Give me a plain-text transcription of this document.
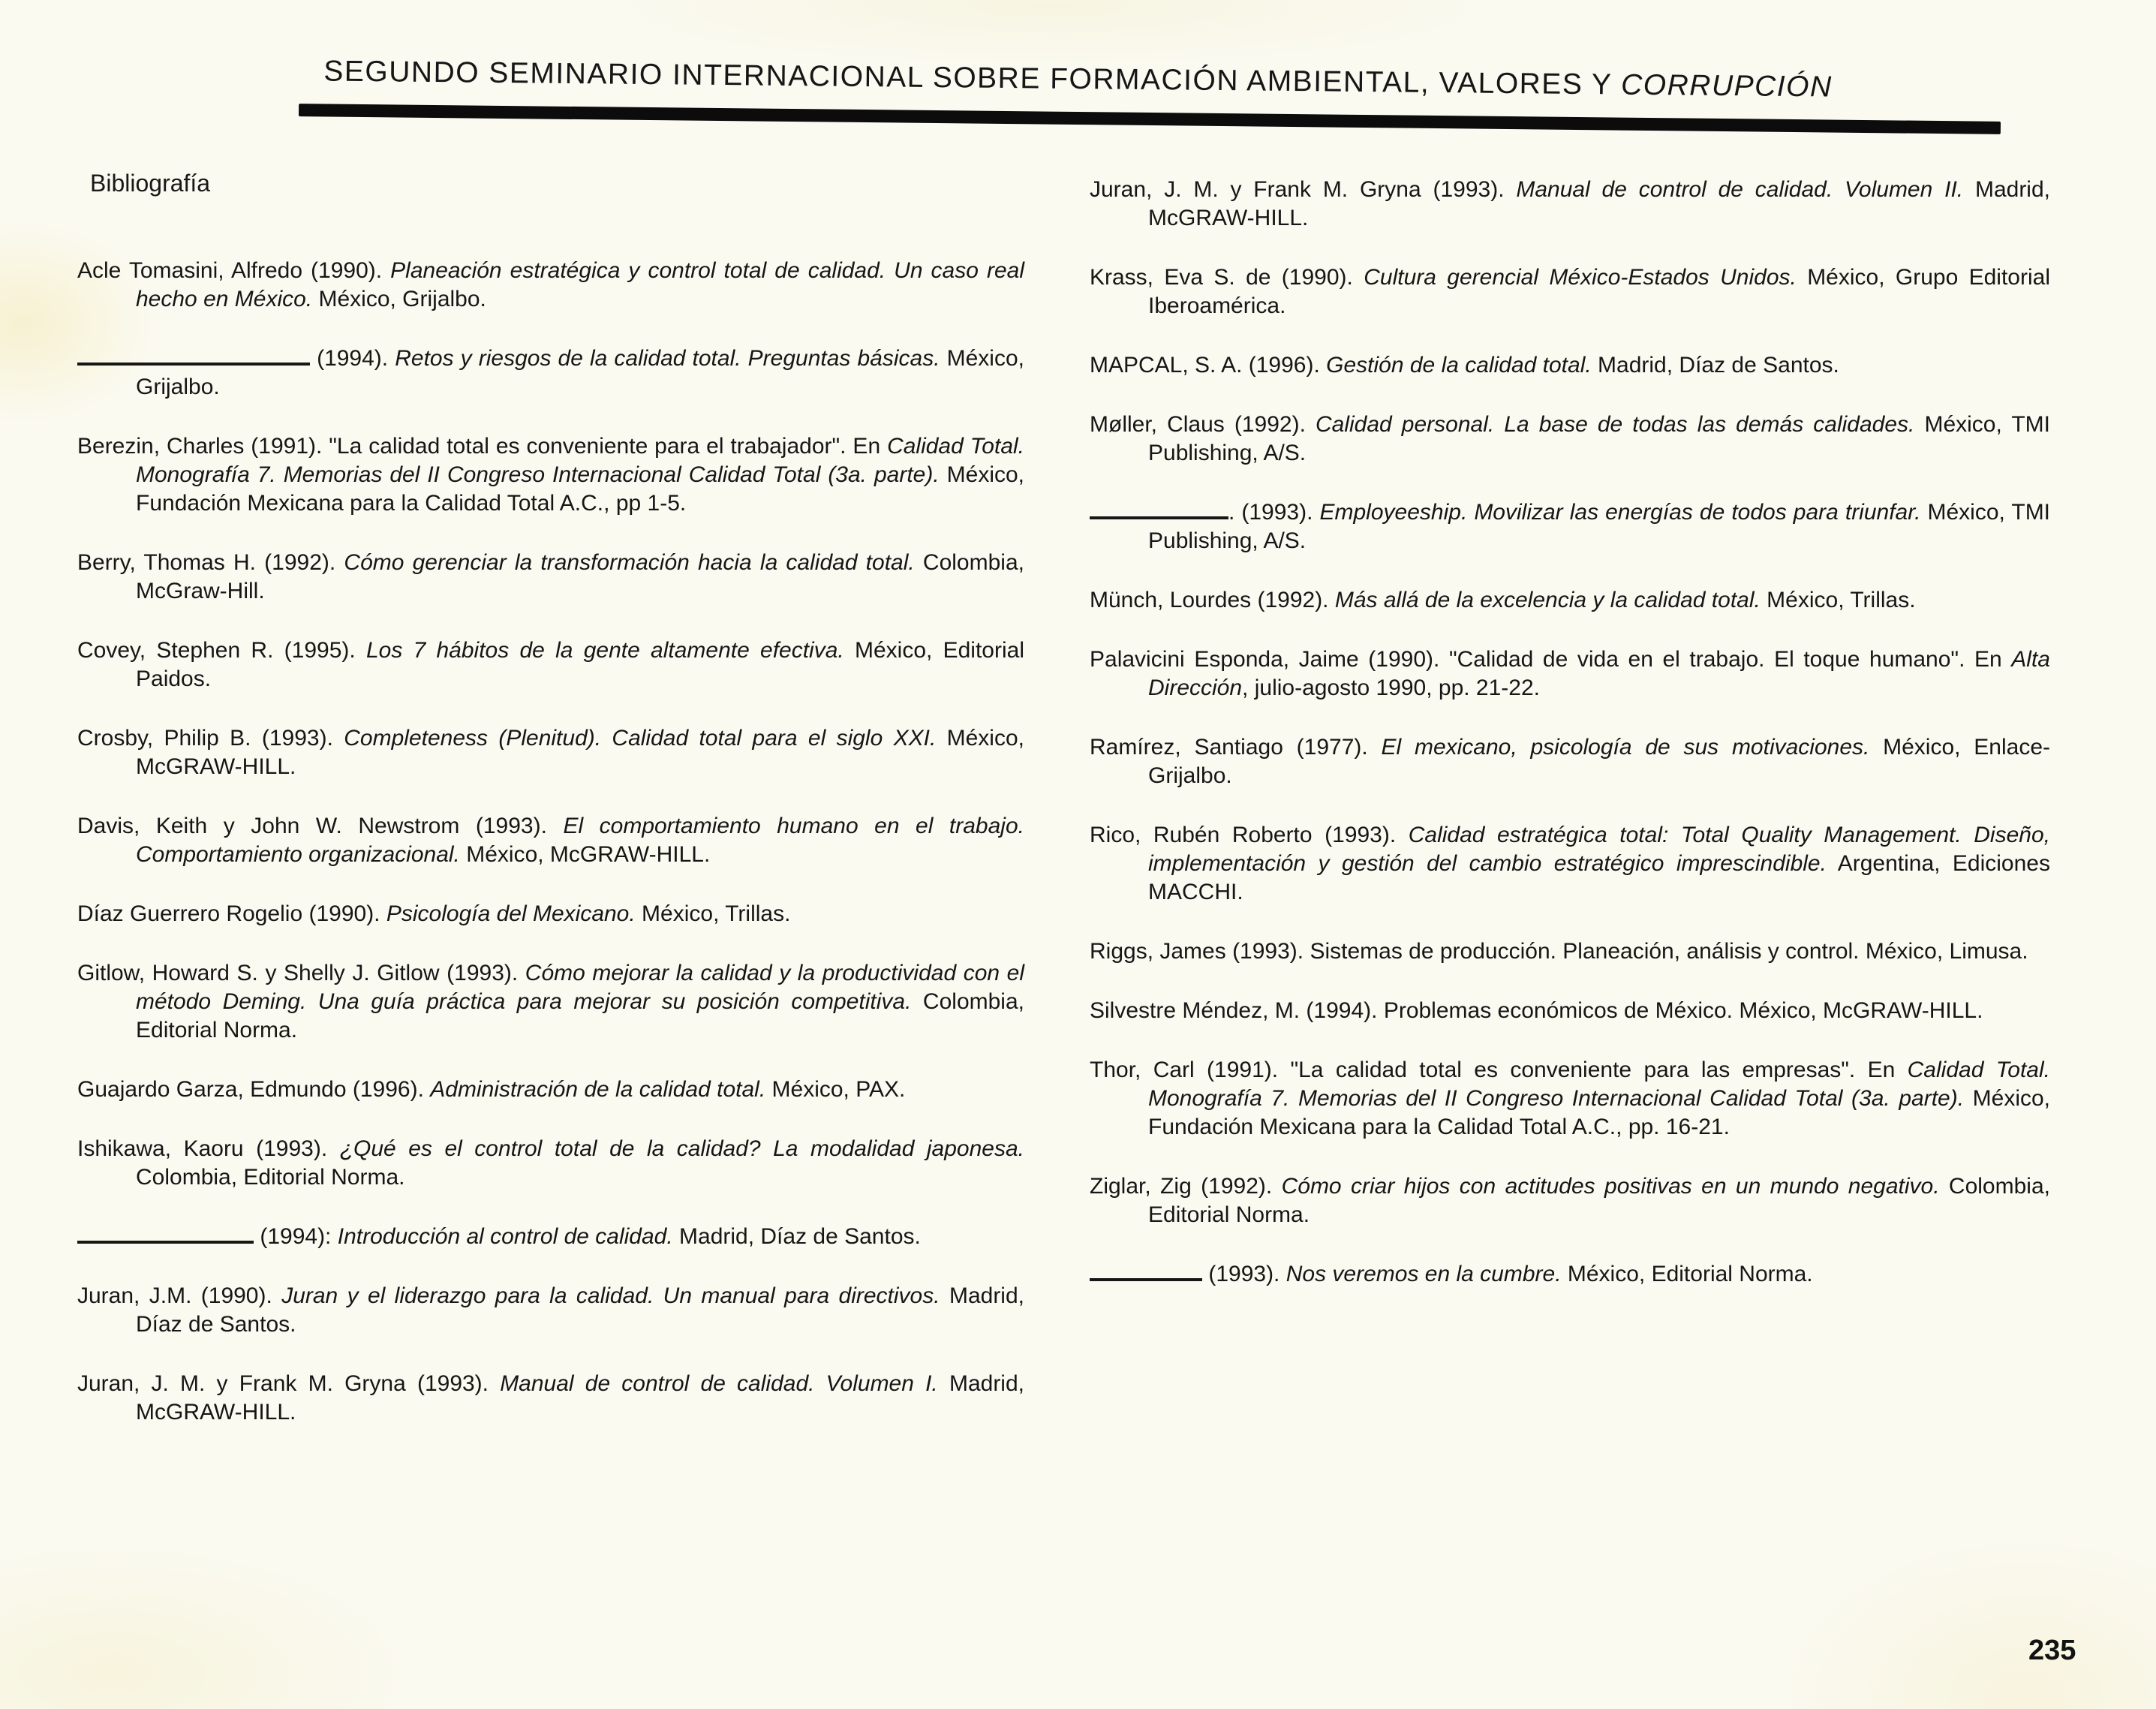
SEGUNDO SEMINARIO INTERNACIONAL SOBRE FORMACIÓN AMBIENTAL, VALORES Y CORRUPCIÓN
Bibliografía

Acle Tomasini, Alfredo (1990). Planeación estratégica y control total de calidad. Un caso real hecho en México. México, Grijalbo.

(1994). Retos y riesgos de la calidad total. Preguntas básicas. México, Grijalbo.

Berezin, Charles (1991). "La calidad total es conveniente para el trabajador". En Calidad Total. Monografía 7. Memorias del II Congreso Internacional Calidad Total (3a. parte). México, Fundación Mexicana para la Calidad Total A.C., pp 1-5.

Berry, Thomas H. (1992). Cómo gerenciar la transformación hacia la calidad total. Colombia, McGraw-Hill.

Covey, Stephen R. (1995). Los 7 hábitos de la gente altamente efectiva. México, Editorial Paidos.

Crosby, Philip B. (1993). Completeness (Plenitud). Calidad total para el siglo XXI. México, McGRAW-HILL.

Davis, Keith y John W. Newstrom (1993). El comportamiento humano en el trabajo. Comportamiento organizacional. México, McGRAW-HILL.

Díaz Guerrero Rogelio (1990). Psicología del Mexicano. México, Trillas.

Gitlow, Howard S. y Shelly J. Gitlow (1993). Cómo mejorar la calidad y la productividad con el método Deming. Una guía práctica para mejorar su posición competitiva. Colombia, Editorial Norma.

Guajardo Garza, Edmundo (1996). Administración de la calidad total. México, PAX.

Ishikawa, Kaoru (1993). ¿Qué es el control total de la calidad? La modalidad japonesa. Colombia, Editorial Norma.

(1994): Introducción al control de calidad. Madrid, Díaz de Santos.

Juran, J.M. (1990). Juran y el liderazgo para la calidad. Un manual para directivos. Madrid, Díaz de Santos.

Juran, J. M. y Frank M. Gryna (1993). Manual de control de calidad. Volumen I. Madrid, McGRAW-HILL.

Juran, J. M. y Frank M. Gryna (1993). Manual de control de calidad. Volumen II. Madrid, McGRAW-HILL.

Krass, Eva S. de (1990). Cultura gerencial México-Estados Unidos. México, Grupo Editorial Iberoamérica.

MAPCAL, S. A. (1996). Gestión de la calidad total. Madrid, Díaz de Santos.

Møller, Claus (1992). Calidad personal. La base de todas las demás calidades. México, TMI Publishing, A/S.

. (1993). Employeeship. Movilizar las energías de todos para triunfar. México, TMI Publishing, A/S.

Münch, Lourdes (1992). Más allá de la excelencia y la calidad total. México, Trillas.

Palavicini Esponda, Jaime (1990). "Calidad de vida en el trabajo. El toque humano". En Alta Dirección, julio-agosto 1990, pp. 21-22.

Ramírez, Santiago (1977). El mexicano, psicología de sus motivaciones. México, Enlace-Grijalbo.

Rico, Rubén Roberto (1993). Calidad estratégica total: Total Quality Management. Diseño, implementación y gestión del cambio estratégico imprescindible. Argentina, Ediciones MACCHI.

Riggs, James (1993). Sistemas de producción. Planeación, análisis y control. México, Limusa.

Silvestre Méndez, M. (1994). Problemas económicos de México. México, McGRAW-HILL.

Thor, Carl (1991). "La calidad total es conveniente para las empresas". En Calidad Total. Monografía 7. Memorias del II Congreso Internacional Calidad Total (3a. parte). México, Fundación Mexicana para la Calidad Total A.C., pp. 16-21.

Ziglar, Zig (1992). Cómo criar hijos con actitudes positivas en un mundo negativo. Colombia, Editorial Norma.

(1993). Nos veremos en la cumbre. México, Editorial Norma.

235
